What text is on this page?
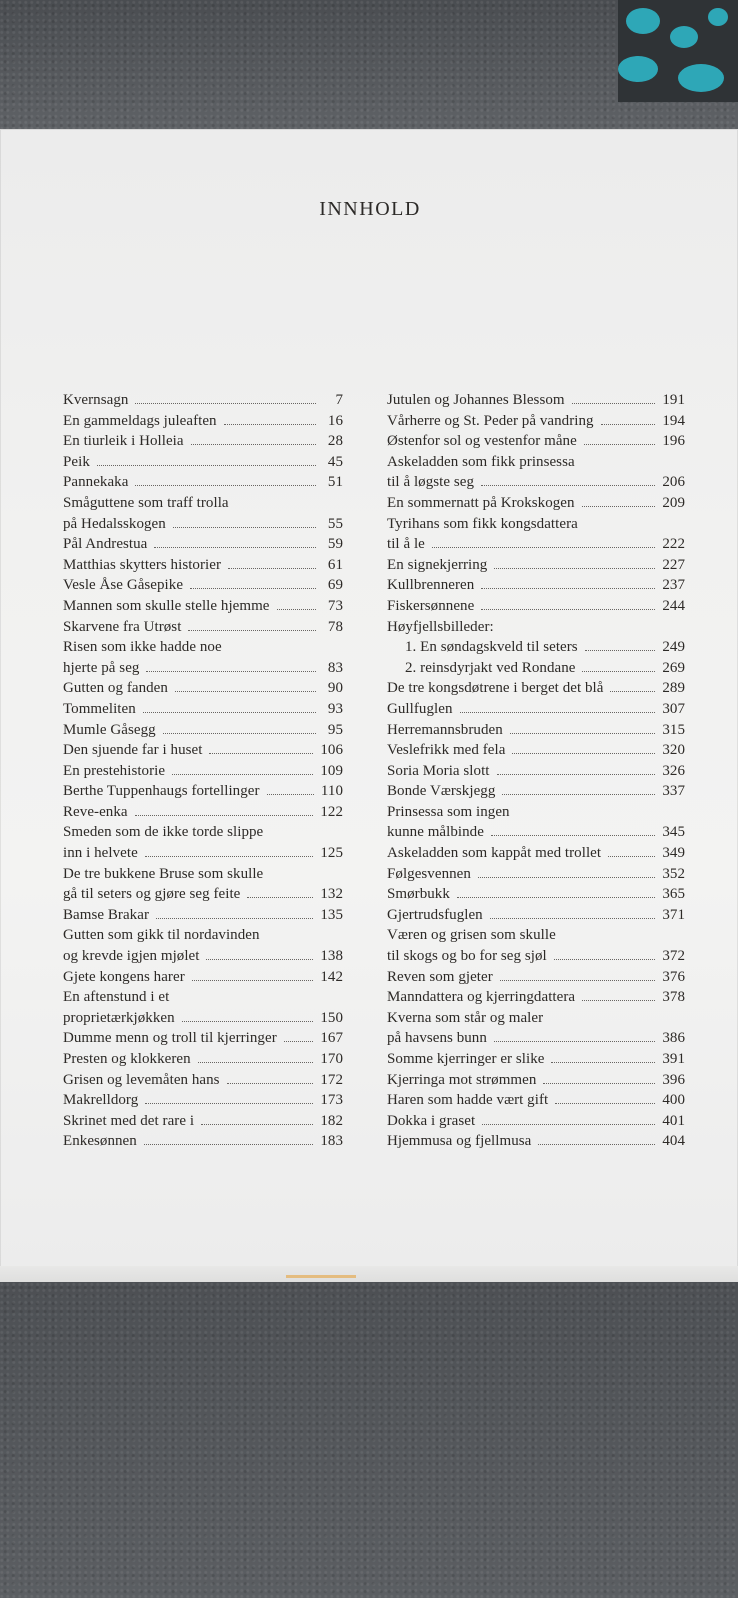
INNHOLD
Kvernsagn	7
En gammeldags juleaften	16
En tiurleik i Holleia	28
Peik	45
Pannekaka	51
Småguttene som traff trolla
på Hedalsskogen	55
Pål Andrestua	59
Matthias skytters historier	61
Vesle Åse Gåsepike	69
Mannen som skulle stelle hjemme	73
Skarvene fra Utrøst	78
Risen som ikke hadde noe
hjerte på seg	83
Gutten og fanden	90
Tommeliten	93
Mumle Gåsegg	95
Den sjuende far i huset	106
En prestehistorie	109
Berthe Tuppenhaugs fortellinger	110
Reve-enka	122
Smeden som de ikke torde slippe
inn i helvete	125
De tre bukkene Bruse som skulle
gå til seters og gjøre seg feite	132
Bamse Brakar	135
Gutten som gikk til nordavinden
og krevde igjen mjølet	138
Gjete kongens harer	142
En aftenstund i et
proprietærkjøkken	150
Dumme menn og troll til kjerringer	167
Presten og klokkeren	170
Grisen og levemåten hans	172
Makrelldorg	173
Skrinet med det rare i	182
Enkesønnen	183
Jutulen og Johannes Blessom	191
Vårherre og St. Peder på vandring	194
Østenfor sol og vestenfor måne	196
Askeladden som fikk prinsessa
til å løgste seg	206
En sommernatt på Krokskogen	209
Tyrihans som fikk kongsdattera
til å le	222
En signekjerring	227
Kullbrenneren	237
Fiskersønnene	244
Høyfjellsbilleder:
1. En søndagskveld til seters	249
2. reinsdyrjakt ved Rondane	269
De tre kongsdøtrene i berget det blå	289
Gullfuglen	307
Herremannsbruden	315
Veslefrikk med fela	320
Soria Moria slott	326
Bonde Værskjegg	337
Prinsessa som ingen
kunne målbinde	345
Askeladden som kappåt med trollet	349
Følgesvennen	352
Smørbukk	365
Gjertrudsfuglen	371
Væren og grisen som skulle
til skogs og bo for seg sjøl	372
Reven som gjeter	376
Manndattera og kjerringdattera	378
Kverna som står og maler
på havsens bunn	386
Somme kjerringer er slike	391
Kjerringa mot strømmen	396
Haren som hadde vært gift	400
Dokka i graset	401
Hjemmusa og fjellmusa	404
